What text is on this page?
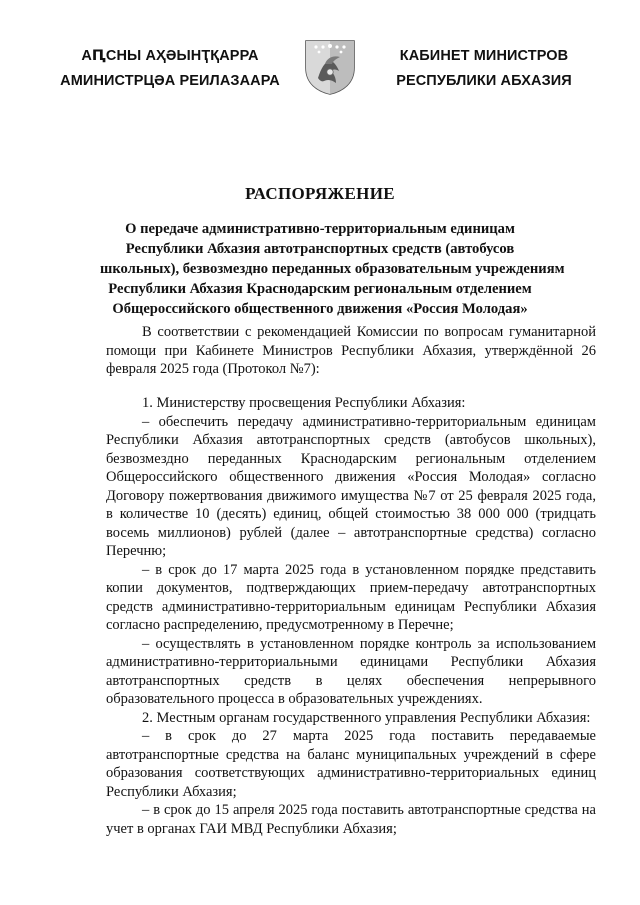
АԤСНЫ АҲƏЫНҬҚАРРА
АМИНИСТРЦƏА РЕИЛАЗААРА
КАБИНЕТ МИНИСТРОВ
РЕСПУБЛИКИ АБХАЗИЯ
РАСПОРЯЖЕНИЕ
О передаче административно-территориальным единицам
Республики Абхазия автотранспортных средств (автобусов
школьных), безвозмездно переданных образовательным учреждениям
Республики Абхазия Краснодарским региональным отделением
Общероссийского общественного движения «Россия Молодая»

В соответствии с рекомендацией Комиссии по вопросам гуманитарной помощи при Кабинете Министров Республики Абхазия, утверждённой 26 февраля 2025 года (Протокол №7):

1. Министерству просвещения Республики Абхазия:

– обеспечить передачу административно-территориальным единицам Республики Абхазия автотранспортных средств (автобусов школьных), безвозмездно переданных Краснодарским региональным отделением Общероссийского общественного движения «Россия Молодая» согласно Договору пожертвования движимого имущества №7 от 25 февраля 2025 года, в количестве 10 (десять) единиц, общей стоимостью 38 000 000 (тридцать восемь миллионов) рублей (далее – автотранспортные средства) согласно Перечню;

– в срок до 17 марта 2025 года в установленном порядке представить копии документов, подтверждающих прием-передачу автотранспортных средств административно-территориальным единицам Республики Абхазия согласно распределению, предусмотренному в Перечне;

– осуществлять в установленном порядке контроль за использованием административно-территориальными единицами Республики Абхазия автотранспортных средств в целях обеспечения непрерывного образовательного процесса в образовательных учреждениях.

2. Местным органам государственного управления Республики Абхазия:

– в срок до 27 марта 2025 года поставить передаваемые автотранспортные средства на баланс муниципальных учреждений в сфере образования соответствующих административно-территориальных единиц Республики Абхазия;

– в срок до 15 апреля 2025 года поставить автотранспортные средства на учет в органах ГАИ МВД Республики Абхазия;
